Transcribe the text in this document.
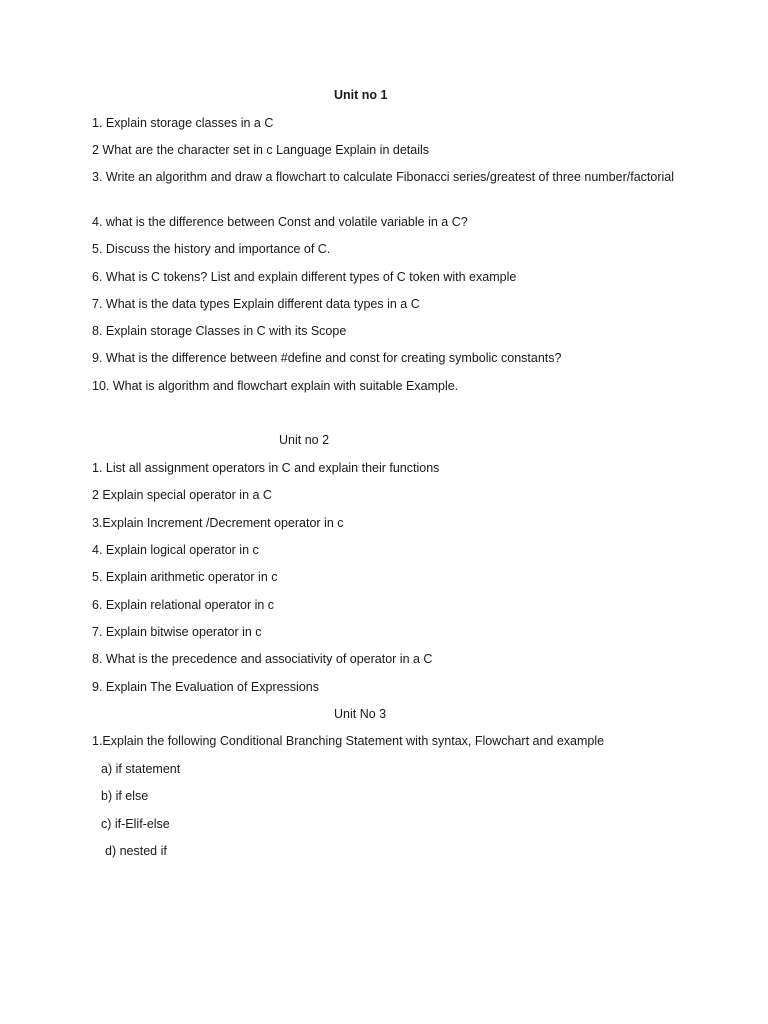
Unit no 1
1. Explain storage classes in a C
2 What are the character set in c Language Explain in details
3. Write an algorithm and draw a flowchart to calculate Fibonacci series/greatest of three number/factorial
4. what is the difference between Const and volatile variable in a C?
5. Discuss the history and importance of C.
6. What is C tokens? List and explain different types of C token with example
7. What is the data types Explain different data types in a C
8. Explain storage Classes in C with its Scope
9. What is the difference between #define and const for creating symbolic constants?
10. What is algorithm and flowchart explain with suitable Example.
Unit no 2
1. List all assignment operators in C and explain their functions
2 Explain special operator in a C
3.Explain Increment /Decrement operator in c
4. Explain logical operator in c
5. Explain arithmetic operator in c
6. Explain relational operator in c
7. Explain bitwise operator in c
8. What is the precedence and associativity of operator in a C
9. Explain The Evaluation of Expressions
Unit No 3
1.Explain the following Conditional Branching Statement with syntax, Flowchart and example
a) if statement
b) if else
c) if-Elif-else
d) nested if
